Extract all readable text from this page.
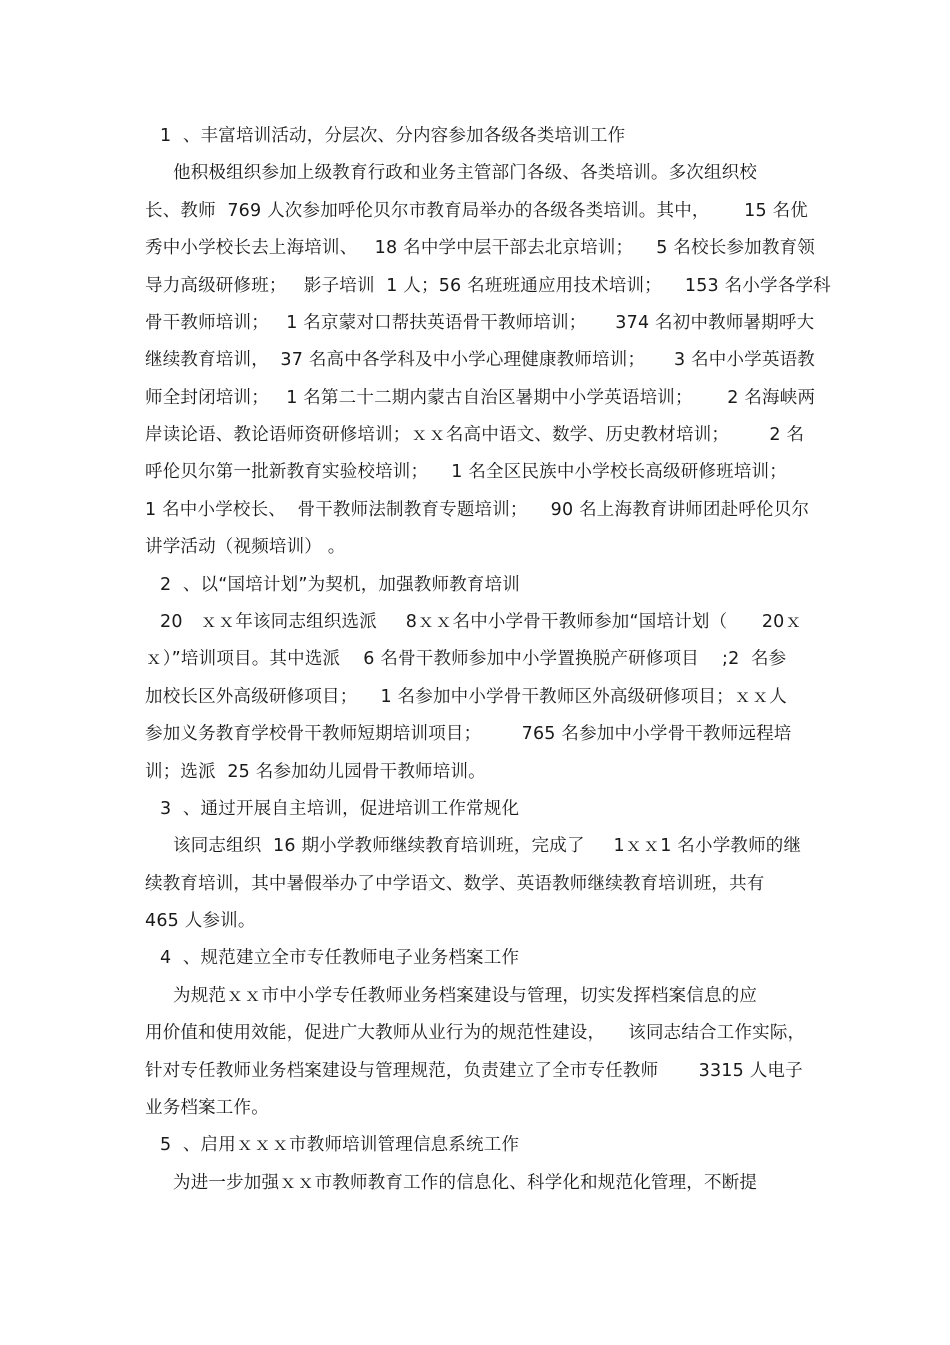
1  、丰富培训活动，分层次、分内容参加各级各类培训工作
他积极组织参加上级教育行政和业务主管部门各级、各类培训。多次组织校
长、教师  769 人次参加呼伦贝尔市教育局举办的各级各类培训。其中，      15 名优
秀中小学校长去上海培训、   18 名中学中层干部去北京培训；    5 名校长参加教育领
导力高级研修班；   影子培训  1 人；56 名班班通应用技术培训；    153 名小学各学科
骨干教师培训；   1 名京蒙对口帮扶英语骨干教师培训；     374 名初中教师暑期呼大
继续教育培训，  37 名高中各学科及中小学心理健康教师培训；     3 名中小学英语教
师全封闭培训；   1 名第二十二期内蒙古自治区暑期中小学英语培训；      2 名海峡两
岸读论语、教论语师资研修培训；ｘｘ名高中语文、数学、历史教材培训；       2 名
呼伦贝尔第一批新教育实验校培训；    1 名全区民族中小学校长高级研修班培训；
1 名中小学校长、  骨干教师法制教育专题培训；    90 名上海教育讲师团赴呼伦贝尔
讲学活动（视频培训） 。
2  、以“国培计划”为契机，加强教师教育培训
20   ｘｘ年该同志组织选派     8ｘｘ名中小学骨干教师参加“国培计划（      20ｘ
ｘ）”培训项目。其中选派    6 名骨干教师参加中小学置换脱产研修项目    ;2  名参
加校长区外高级研修项目；    1 名参加中小学骨干教师区外高级研修项目；ｘｘ人
参加义务教育学校骨干教师短期培训项目；       765 名参加中小学骨干教师远程培
训；选派  25 名参加幼儿园骨干教师培训。
3  、通过开展自主培训，促进培训工作常规化
该同志组织  16 期小学教师继续教育培训班，完成了     1ｘｘ1 名小学教师的继
续教育培训，其中暑假举办了中学语文、数学、英语教师继续教育培训班，共有
465 人参训。
4  、规范建立全市专任教师电子业务档案工作
为规范ｘｘ市中小学专任教师业务档案建设与管理，切实发挥档案信息的应
用价值和使用效能，促进广大教师从业行为的规范性建设，    该同志结合工作实际，
针对专任教师业务档案建设与管理规范，负责建立了全市专任教师       3315 人电子
业务档案工作。
5  、启用ｘｘｘ市教师培训管理信息系统工作
为进一步加强ｘｘ市教师教育工作的信息化、科学化和规范化管理，不断提
